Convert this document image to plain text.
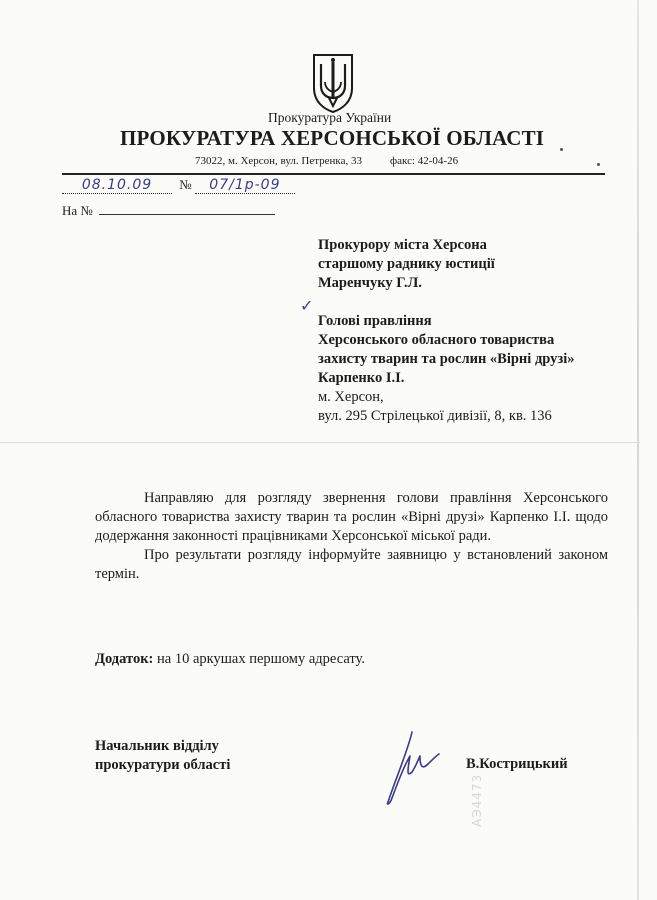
Прокуратура України
ПРОКУРАТУРА ХЕРСОНСЬКОЇ ОБЛАСТІ
73022, м. Херсон, вул. Петренка, 33	факс: 42-04-26
08.10.09 № 07/1р-09
На №
Прокурору міста Херсона
старшому раднику юстиції
Маренчуку Г.Л.
✓
Голові правління
Херсонського обласного товариства
захисту тварин та рослин «Вірні друзі»
Карпенко І.І.
м. Херсон,
вул. 295 Стрілецької дивізії, 8, кв. 136

Направляю для розгляду звернення голови правління Херсонського обласного товариства захисту тварин та рослин «Вірні друзі» Карпенко І.І. щодо додержання законності працівниками Херсонської міської ради.

Про результати розгляду інформуйте заявницю у встановлений законом термін.

Додаток: на 10 аркушах першому адресату.
Начальник відділу
прокуратури області	В.Кострицький
АЭ4473
